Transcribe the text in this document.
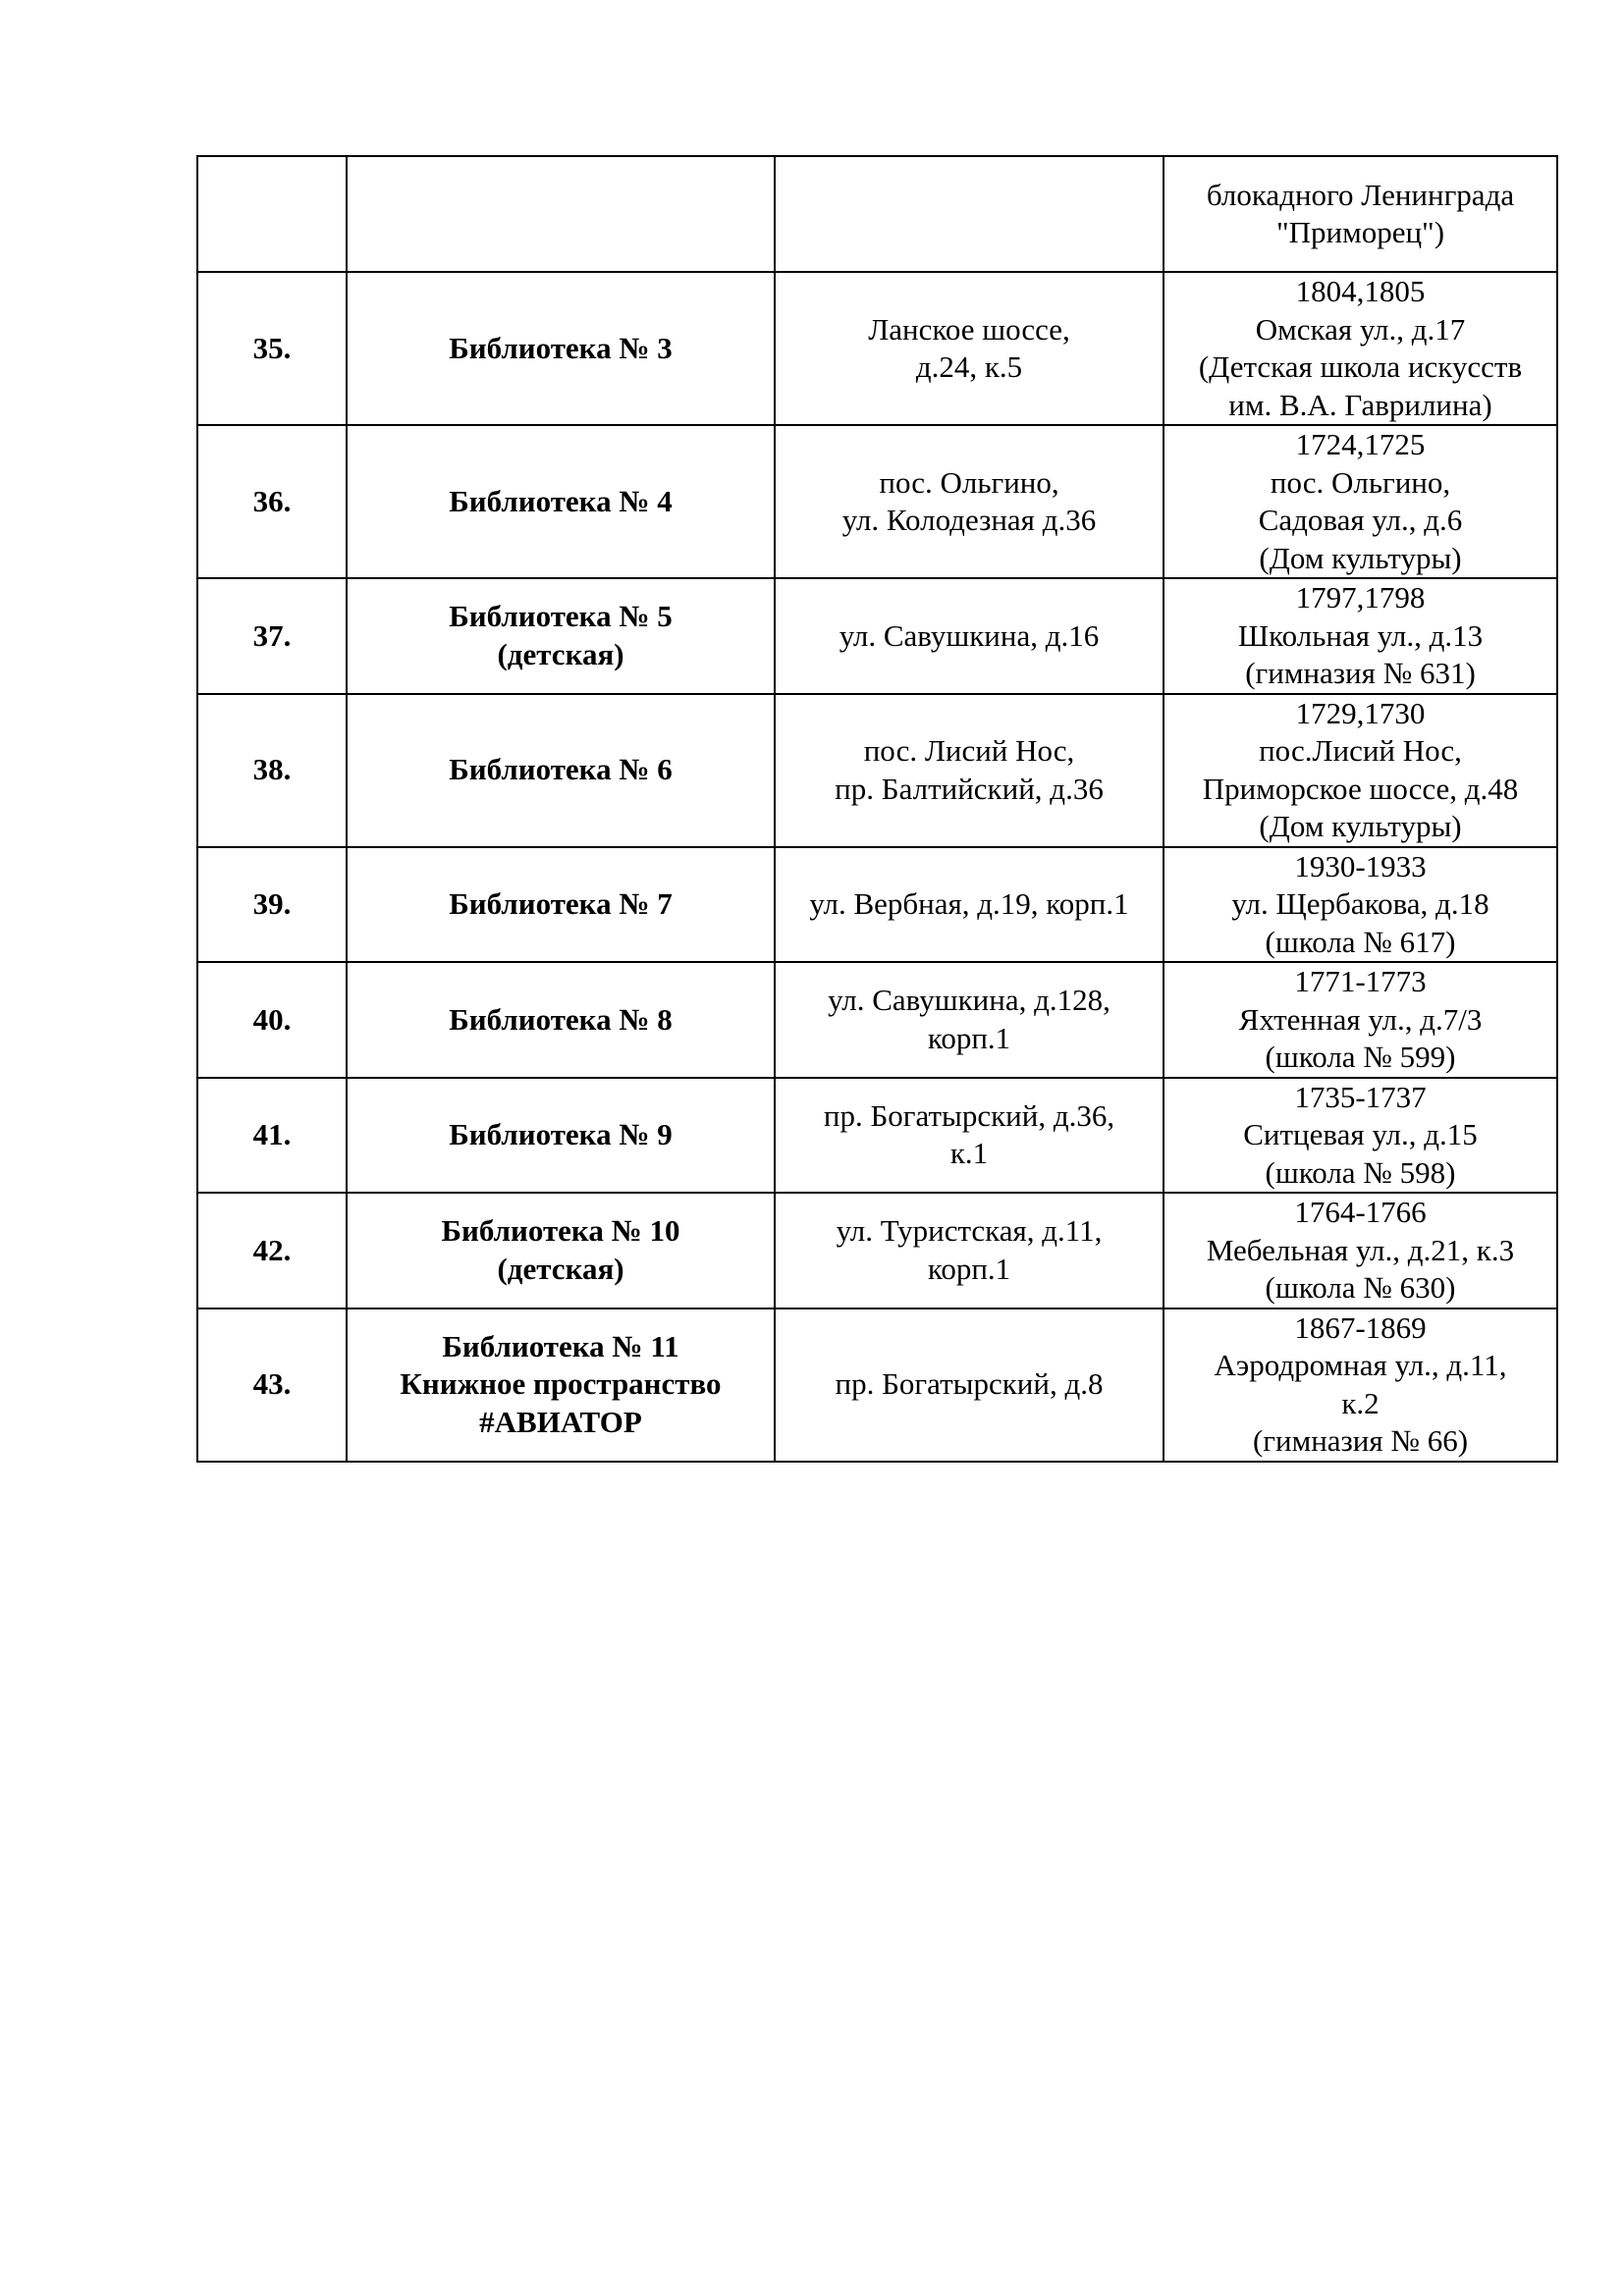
			блокадного Ленинграда
"Приморец")

35.	Библиотека № 3	Ланское шоссе,
д.24, к.5	1804,1805
Омская ул., д.17
(Детская школа искусств
им. В.А. Гаврилина)

36.	Библиотека № 4	пос. Ольгино,
ул. Колодезная д.36	1724,1725
пос. Ольгино,
Садовая ул., д.6
(Дом культуры)

37.	Библиотека № 5
(детская)	ул. Савушкина, д.16	1797,1798
Школьная ул., д.13
(гимназия № 631)

38.	Библиотека № 6	пос. Лисий Нос,
пр. Балтийский, д.36	1729,1730
пос.Лисий Нос,
Приморское шоссе, д.48
(Дом культуры)

39.	Библиотека № 7	ул. Вербная, д.19, корп.1	1930-1933
ул. Щербакова, д.18
(школа № 617)

40.	Библиотека № 8	ул. Савушкина, д.128,
корп.1	1771-1773
Яхтенная ул., д.7/3
(школа № 599)

41.	Библиотека № 9	пр. Богатырский, д.36,
к.1	1735-1737
Ситцевая ул., д.15
(школа № 598)

42.	Библиотека № 10
(детская)	ул. Туристская, д.11,
корп.1	1764-1766
Мебельная ул., д.21, к.3
(школа № 630)

43.	Библиотека № 11
Книжное пространство
#АВИАТОР	пр. Богатырский, д.8	1867-1869
Аэродромная ул., д.11,
к.2
(гимназия № 66)
